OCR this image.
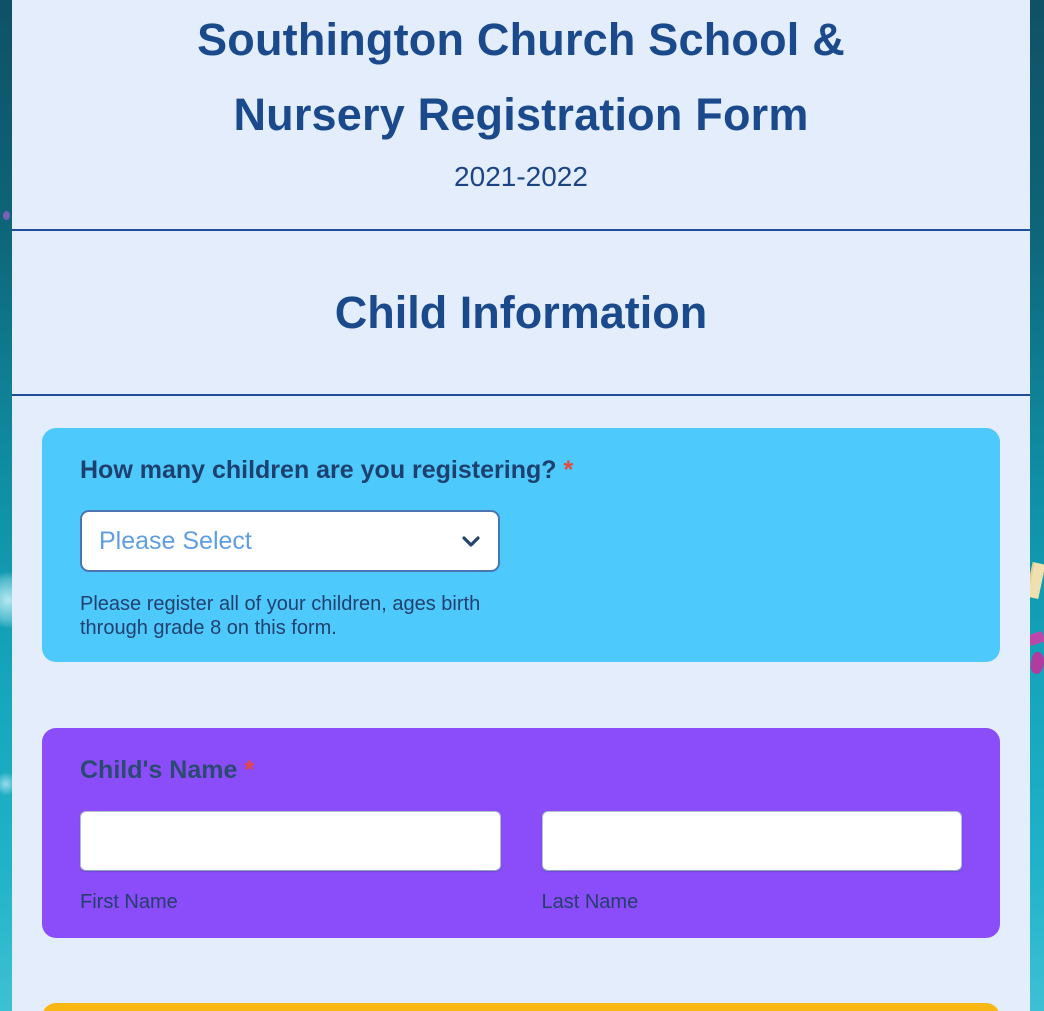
Southington Church School &
Nursery Registration Form
2021-2022
Child Information
How many children are you registering? *
Please Select
Please register all of your children, ages birth through grade 8 on this form.
Child's Name *
First Name	Last Name
